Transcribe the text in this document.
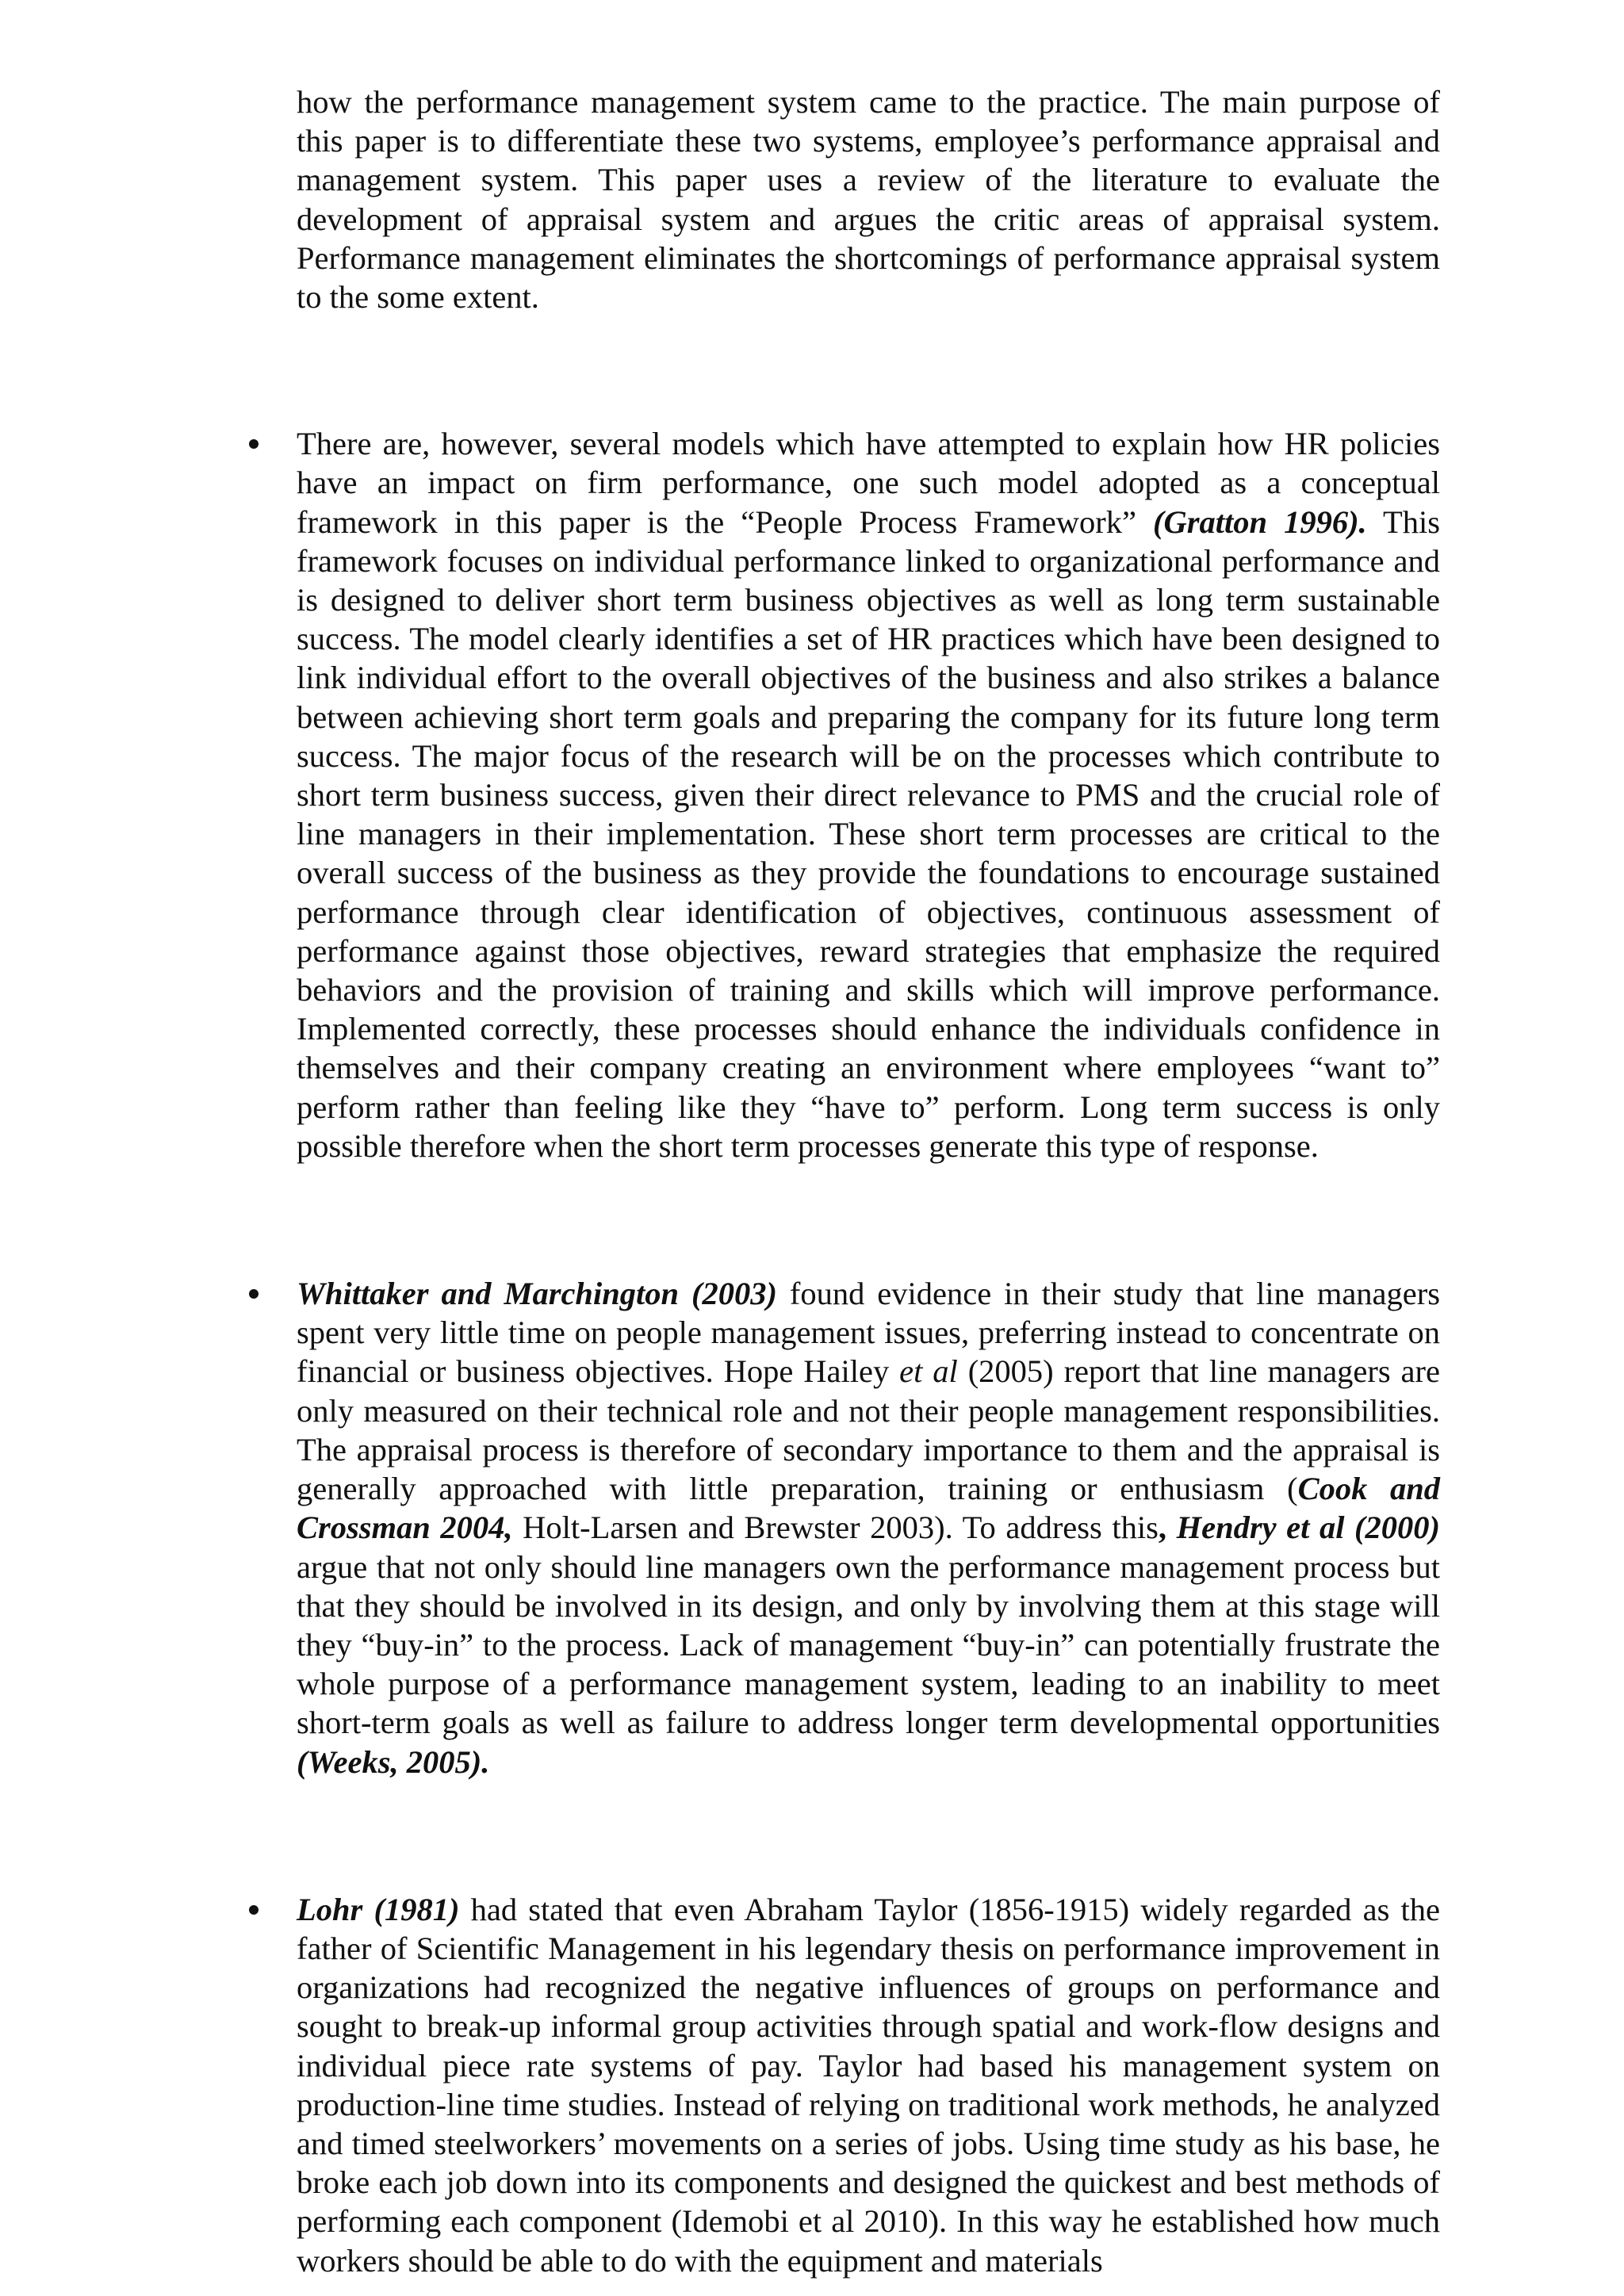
how the performance management system came to the practice. The main purpose of this paper is to differentiate these two systems, employee’s performance appraisal and management system. This paper uses a review of the literature to evaluate the development of appraisal system and argues the critic areas of appraisal system. Performance management eliminates the shortcomings of performance appraisal system to the some extent.

There are, however, several models which have attempted to explain how HR policies have an impact on firm performance, one such model adopted as a conceptual framework in this paper is the “People Process Framework” (Gratton 1996). This framework focuses on individual performance linked to organizational performance and is designed to deliver short term business objectives as well as long term sustainable success. The model clearly identifies a set of HR practices which have been designed to link individual effort to the overall objectives of the business and also strikes a balance between achieving short term goals and preparing the company for its future long term success. The major focus of the research will be on the processes which contribute to short term business success, given their direct relevance to PMS and the crucial role of line managers in their implementation. These short term processes are critical to the overall success of the business as they provide the foundations to encourage sustained performance through clear identification of objectives, continuous assessment of performance against those objectives, reward strategies that emphasize the required behaviors and the provision of training and skills which will improve performance. Implemented correctly, these processes should enhance the individuals confidence in themselves and their company creating an environment where employees “want to” perform rather than feeling like they “have to” perform. Long term success is only possible therefore when the short term processes generate this type of response.

Whittaker and Marchington (2003) found evidence in their study that line managers spent very little time on people management issues, preferring instead to concentrate on financial or business objectives. Hope Hailey et al (2005) report that line managers are only measured on their technical role and not their people management responsibilities. The appraisal process is therefore of secondary importance to them and the appraisal is generally approached with little preparation, training or enthusiasm (Cook and Crossman 2004, Holt-Larsen and Brewster 2003). To address this, Hendry et al (2000) argue that not only should line managers own the performance management process but that they should be involved in its design, and only by involving them at this stage will they “buy-in” to the process. Lack of management “buy-in” can potentially frustrate the whole purpose of a performance management system, leading to an inability to meet short-term goals as well as failure to address longer term developmental opportunities (Weeks, 2005).

Lohr (1981) had stated that even Abraham Taylor (1856-1915) widely regarded as the father of Scientific Management in his legendary thesis on performance improvement in organizations had recognized the negative influences of groups on performance and sought to break-up informal group activities through spatial and work-flow designs and individual piece rate systems of pay. Taylor had based his management system on production-line time studies. Instead of relying on traditional work methods, he analyzed and timed steelworkers’ movements on a series of jobs. Using time study as his base, he broke each job down into its components and designed the quickest and best methods of performing each component (Idemobi et al 2010). In this way he established how much workers should be able to do with the equipment and materials
